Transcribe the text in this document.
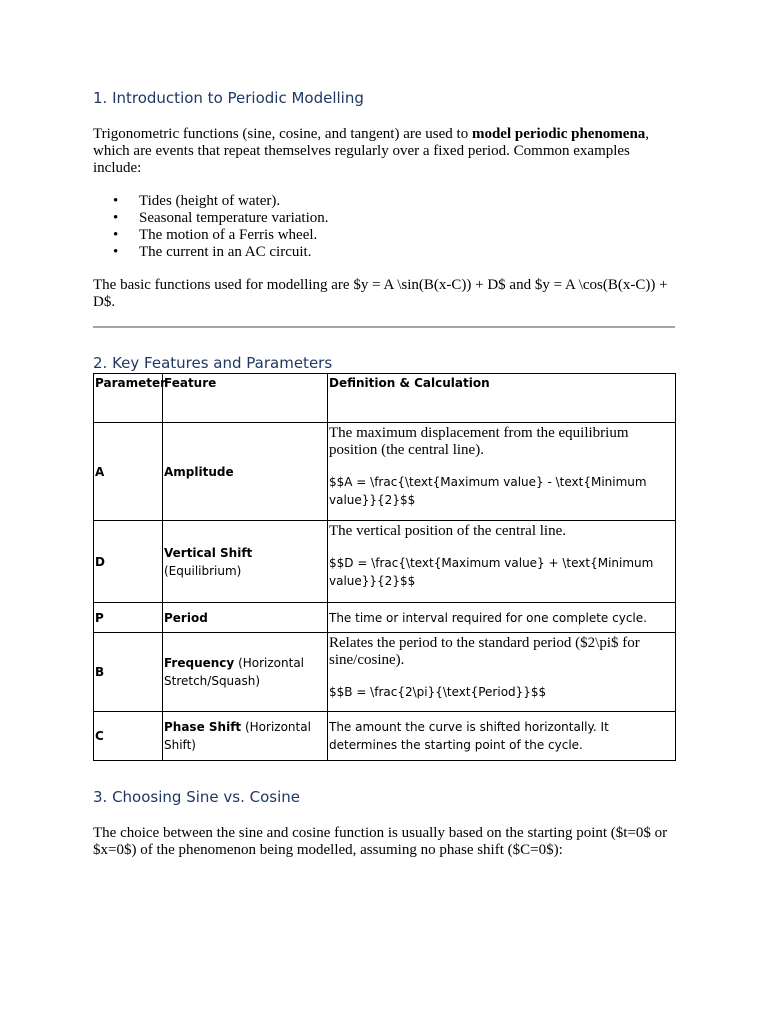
1. Introduction to Periodic Modelling

Trigonometric functions (sine, cosine, and tangent) are used to model periodic phenomena, which are events that repeat themselves regularly over a fixed period. Common examples include:

• Tides (height of water).
• Seasonal temperature variation.
• The motion of a Ferris wheel.
• The current in an AC circuit.

The basic functions used for modelling are $y = A \sin(B(x-C)) + D$ and $y = A \cos(B(x-C)) + D$.

2. Key Features and Parameters
Parameter	Feature	Definition & Calculation
A	Amplitude	The maximum displacement from the equilibrium position (the central line).
$$A = \frac{\text{Maximum value} - \text{Minimum value}}{2}$$

D	Vertical Shift (Equilibrium)	The vertical position of the central line.
$$D = \frac{\text{Maximum value} + \text{Minimum value}}{2}$$

P	Period	The time or interval required for one complete cycle.
B	Frequency (Horizontal Stretch/Squash)	Relates the period to the standard period ($2\pi$ for sine/cosine).
$$B = \frac{2\pi}{\text{Period}}$$

C	Phase Shift (Horizontal Shift)	The amount the curve is shifted horizontally. It determines the starting point of the cycle.
3. Choosing Sine vs. Cosine

The choice between the sine and cosine function is usually based on the starting point ($t=0$ or $x=0$) of the phenomenon being modelled, assuming no phase shift ($C=0$):
